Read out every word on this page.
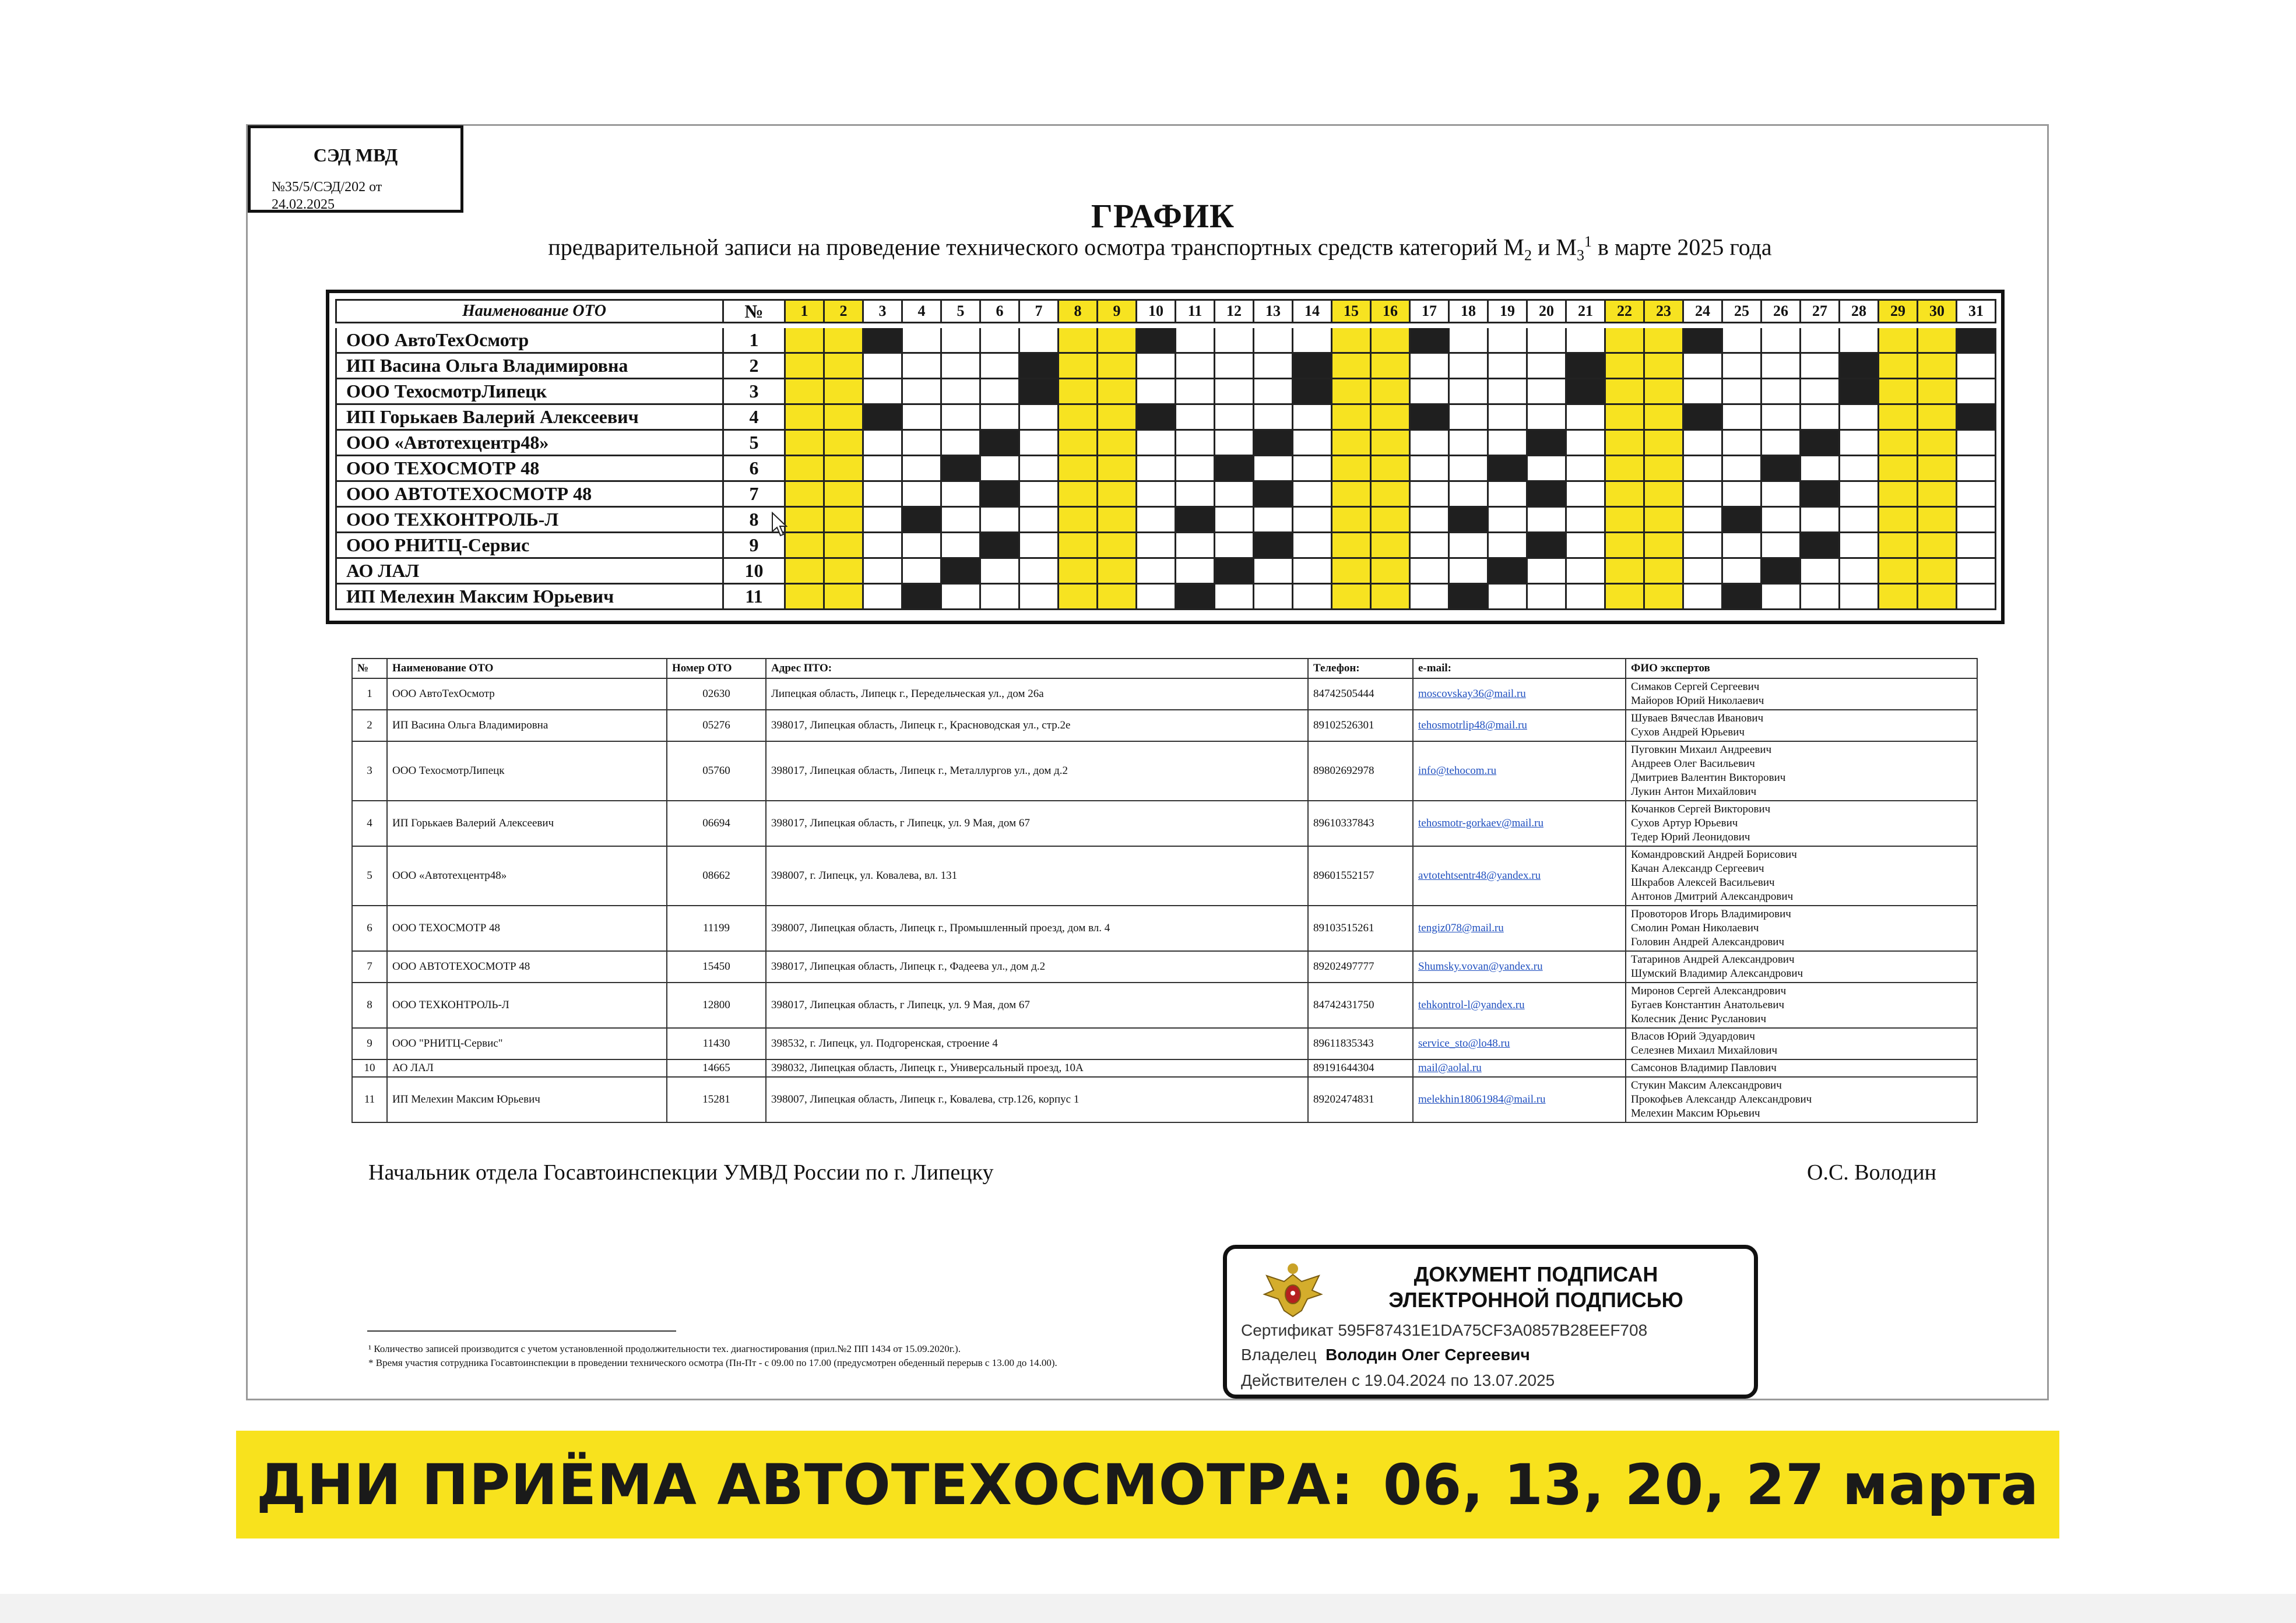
СЭД МВД
№35/5/СЭД/202 от
24.02.2025	ГРАФИК
предварительной записи на проведение технического осмотра транспортных средств категорий $M_2$ и $M_3^1$ в марте 2025 года
Наименование ОТО	№	1	2	3	4	5	6	7	8	9	10	11	12	13	14	15	16	17	18	19	20	21	22	23	24	25	26	27	28	29	30	31
ООО АвтоТехОсмотр	1
ИП Васина Ольга Владимировна	2
ООО ТехосмотрЛипецк	3
ИП Горькаев Валерий Алексеевич	4
ООО «Автотехцентр48»	5
ООО ТЕХОСМОТР 48	6
ООО АВТОТЕХОСМОТР 48	7
ООО ТЕХКОНТРОЛЬ-Л	8
ООО РНИТЦ-Сервис	9
АО ЛАЛ	10
ИП Мелехин Максим Юрьевич	11
№	Наименование ОТО	Номер ОТО	Адрес ПТО:	Телефон:	e-mail:	ФИО экспертов
1	ООО АвтоТехОсмотр	02630	Липецкая область, Липецк г., Передельческая ул., дом 26а	84742505444	moscovskay36@mail.ru	Симаков Сергей Сергеевич
Майоров Юрий Николаевич

2	ИП Васина Ольга Владимировна	05276	398017, Липецкая область, Липецк г., Красноводская ул., стр.2е	89102526301	tehosmotrlip48@mail.ru	Шуваев Вячеслав Иванович
Сухов Андрей Юрьевич

3	ООО ТехосмотрЛипецк	05760	398017, Липецкая область, Липецк г., Металлургов ул., дом д.2	89802692978	info@tehocom.ru	Пуговкин Михаил Андреевич
Андреев Олег Васильевич
Дмитриев Валентин Викторович
Лукин Антон Михайлович

4	ИП Горькаев Валерий Алексеевич	06694	398017, Липецкая область, г Липецк, ул. 9 Мая, дом 67	89610337843	tehosmotr-gorkaev@mail.ru	Кочанков Сергей Викторович
Сухов Артур Юрьевич
Тедер Юрий Леонидович

5	ООО «Автотехцентр48»	08662	398007, г. Липецк, ул. Ковалева, вл. 131	89601552157	avtotehtsentr48@yandex.ru	Командровский Андрей Борисович
Качан Александр Сергеевич
Шкрабов Алексей Васильевич
Антонов Дмитрий Александрович

6	ООО ТЕХОСМОТР 48	11199	398007, Липецкая область, Липецк г., Промышленный проезд, дом вл. 4	89103515261	tengiz078@mail.ru	Провоторов Игорь Владимирович
Смолин Роман Николаевич
Головин Андрей Александрович

7	ООО АВТОТЕХОСМОТР 48	15450	398017, Липецкая область, Липецк г., Фадеева ул., дом д.2	89202497777	Shumsky.vovan@yandex.ru	Татаринов Андрей Александрович
Шумский Владимир Александрович

8	ООО ТЕХКОНТРОЛЬ-Л	12800	398017, Липецкая область, г Липецк, ул. 9 Мая, дом 67	84742431750	tehkontrol-l@yandex.ru	Миронов Сергей Александрович
Бугаев Константин Анатольевич
Колесник Денис Русланович

9	ООО "РНИТЦ-Сервис"	11430	398532, г. Липецк, ул. Подгоренская, строение 4	89611835343	service_sto@lo48.ru	Власов Юрий Эдуардович
Селезнев Михаил Михайлович

10	АО ЛАЛ	14665	398032, Липецкая область, Липецк г., Универсальный проезд, 10А	89191644304	mail@aolal.ru	Самсонов Владимир Павлович

11	ИП Мелехин Максим Юрьевич	15281	398007, Липецкая область, Липецк г., Ковалева, стр.126, корпус 1	89202474831	melekhin18061984@mail.ru	Стукин Максим Александрович
Прокофьев Александр Александрович
Мелехин Максим Юрьевич
Начальник отдела Госавтоинспекции УМВД России по г. Липецку	О.С. Володин
¹ Количество записей производится с учетом установленной продолжительности тех. диагностирования (прил.№2 ПП 1434 от 15.09.2020г.).
* Время участия сотрудника Госавтоинспекции в проведении технического осмотра (Пн-Пт - с 09.00 по 17.00 (предусмотрен обеденный перерыв с 13.00 до 14.00).
ДОКУМЕНТ ПОДПИСАН
ЭЛЕКТРОННОЙ ПОДПИСЬЮ
Сертификат 595F87431E1DA75CF3A0857B28EEF708
Владелец Володин Олег Сергеевич
Действителен с 19.04.2024 по 13.07.2025
ДНИ ПРИЁМА АВТОТЕХОСМОТРА: 06, 13, 20, 27 марта
